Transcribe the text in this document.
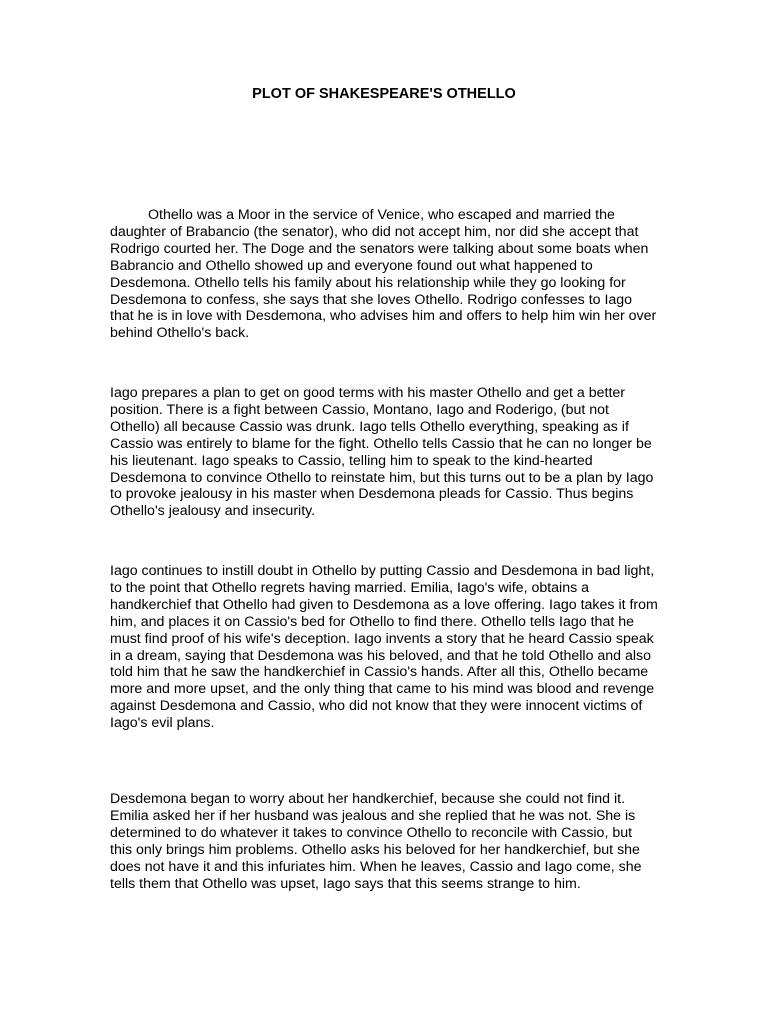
PLOT OF SHAKESPEARE'S OTHELLO

Othello was a Moor in the service of Venice, who escaped and married the daughter of Brabancio (the senator), who did not accept him, nor did she accept that Rodrigo courted her. The Doge and the senators were talking about some boats when Babrancio and Othello showed up and everyone found out what happened to Desdemona. Othello tells his family about his relationship while they go looking for Desdemona to confess, she says that she loves Othello. Rodrigo confesses to Iago that he is in love with Desdemona, who advises him and offers to help him win her over behind Othello's back.

Iago prepares a plan to get on good terms with his master Othello and get a better position. There is a fight between Cassio, Montano, Iago and Roderigo, (but not Othello) all because Cassio was drunk. Iago tells Othello everything, speaking as if Cassio was entirely to blame for the fight. Othello tells Cassio that he can no longer be his lieutenant. Iago speaks to Cassio, telling him to speak to the kind-hearted Desdemona to convince Othello to reinstate him, but this turns out to be a plan by Iago to provoke jealousy in his master when Desdemona pleads for Cassio. Thus begins Othello's jealousy and insecurity.

Iago continues to instill doubt in Othello by putting Cassio and Desdemona in bad light, to the point that Othello regrets having married. Emilia, Iago's wife, obtains a handkerchief that Othello had given to Desdemona as a love offering. Iago takes it from him, and places it on Cassio's bed for Othello to find there. Othello tells Iago that he must find proof of his wife's deception. Iago invents a story that he heard Cassio speak in a dream, saying that Desdemona was his beloved, and that he told Othello and also told him that he saw the handkerchief in Cassio's hands. After all this, Othello became more and more upset, and the only thing that came to his mind was blood and revenge against Desdemona and Cassio, who did not know that they were innocent victims of Iago's evil plans.

Desdemona began to worry about her handkerchief, because she could not find it. Emilia asked her if her husband was jealous and she replied that he was not. She is determined to do whatever it takes to convince Othello to reconcile with Cassio, but this only brings him problems. Othello asks his beloved for her handkerchief, but she does not have it and this infuriates him. When he leaves, Cassio and Iago come, she tells them that Othello was upset, Iago says that this seems strange to him.
